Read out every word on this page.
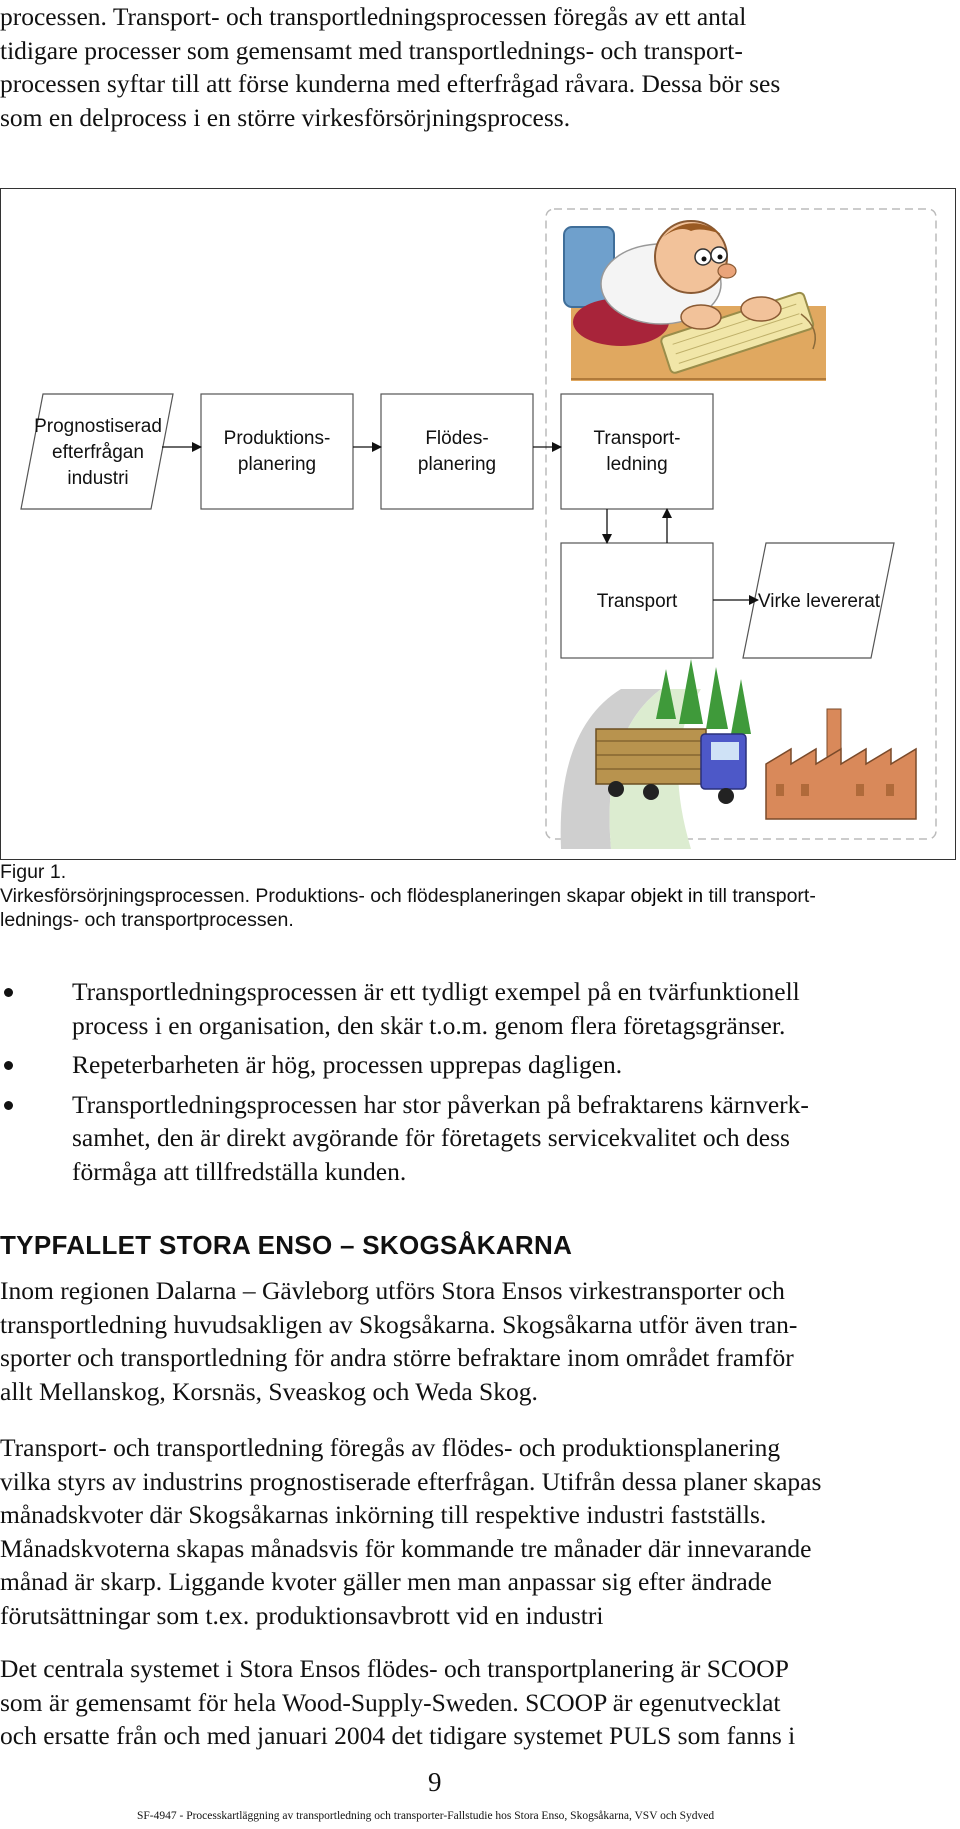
processen. Transport- och transportledningsprocessen föregås av ett antal
tidigare processer som gemensamt med transportlednings- och transport-
processen syftar till att förse kunderna med efterfrågad råvara. Dessa bör ses
som en delprocess i en större virkesförsörjningsprocess.
Prognostiserad
efterfrågan
industri
Produktions-
planering
Flödes-
planering
Transport-
ledning
Transport	Virke levererat
Figur 1.
Virkesförsörjningsprocessen. Produktions- och flödesplaneringen skapar objekt in till transport-
lednings- och transportprocessen.
Transportledningsprocessen är ett tydligt exempel på en tvärfunktionell
process i en organisation, den skär t.o.m. genom flera företagsgränser.
Repeterbarheten är hög, processen upprepas dagligen.
Transportledningsprocessen har stor påverkan på befraktarens kärnverk-
samhet, den är direkt avgörande för företagets servicekvalitet och dess
förmåga att tillfredställa kunden.
TYPFALLET STORA ENSO – SKOGSÅKARNA
Inom regionen Dalarna – Gävleborg utförs Stora Ensos virkestransporter och
transportledning huvudsakligen av Skogsåkarna. Skogsåkarna utför även tran-
sporter och transportledning för andra större befraktare inom området framför
allt Mellanskog, Korsnäs, Sveaskog och Weda Skog.
Transport- och transportledning föregås av flödes- och produktionsplanering
vilka styrs av industrins prognostiserade efterfrågan. Utifrån dessa planer skapas
månadskvoter där Skogsåkarnas inkörning till respektive industri fastställs.
Månadskvoterna skapas månadsvis för kommande tre månader där innevarande
månad är skarp. Liggande kvoter gäller men man anpassar sig efter ändrade
förutsättningar som t.ex. produktionsavbrott vid en industri
Det centrala systemet i Stora Ensos flödes- och transportplanering är SCOOP
som är gemensamt för hela Wood-Supply-Sweden. SCOOP är egenutvecklat
och ersatte från och med januari 2004 det tidigare systemet PULS som fanns i
9
SF-4947 - Processkartläggning av transportledning och transporter-Fallstudie hos Stora Enso, Skogsåkarna, VSV och Sydved
